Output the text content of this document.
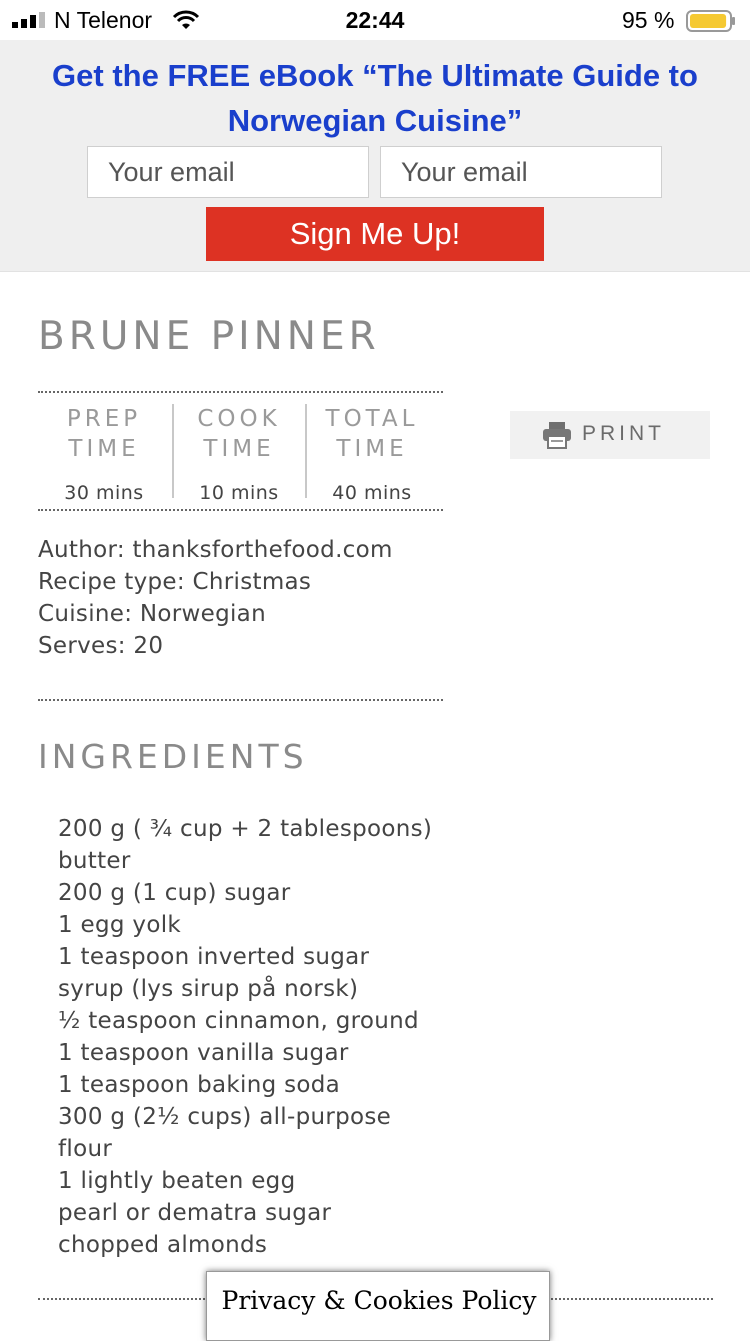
N Telenor	22:44	95 %
Get the FREE eBook “The Ultimate Guide to Norwegian Cuisine”
Your email
Your email
Sign Me Up!
BRUNE PINNER
PREP
TIME
30 mins
COOK
TIME
10 mins
TOTAL
TIME
40 mins
PRINT
Author: thanksforthefood.com
Recipe type: Christmas
Cuisine: Norwegian
Serves: 20
INGREDIENTS
200 g ( ¾ cup + 2 tablespoons) butter
200 g (1 cup) sugar
1 egg yolk
1 teaspoon inverted sugar syrup (lys sirup på norsk)
½ teaspoon cinnamon, ground
1 teaspoon vanilla sugar
1 teaspoon baking soda
300 g (2½ cups) all-purpose flour
1 lightly beaten egg
pearl or dematra sugar
chopped almonds
Privacy & Cookies Policy
